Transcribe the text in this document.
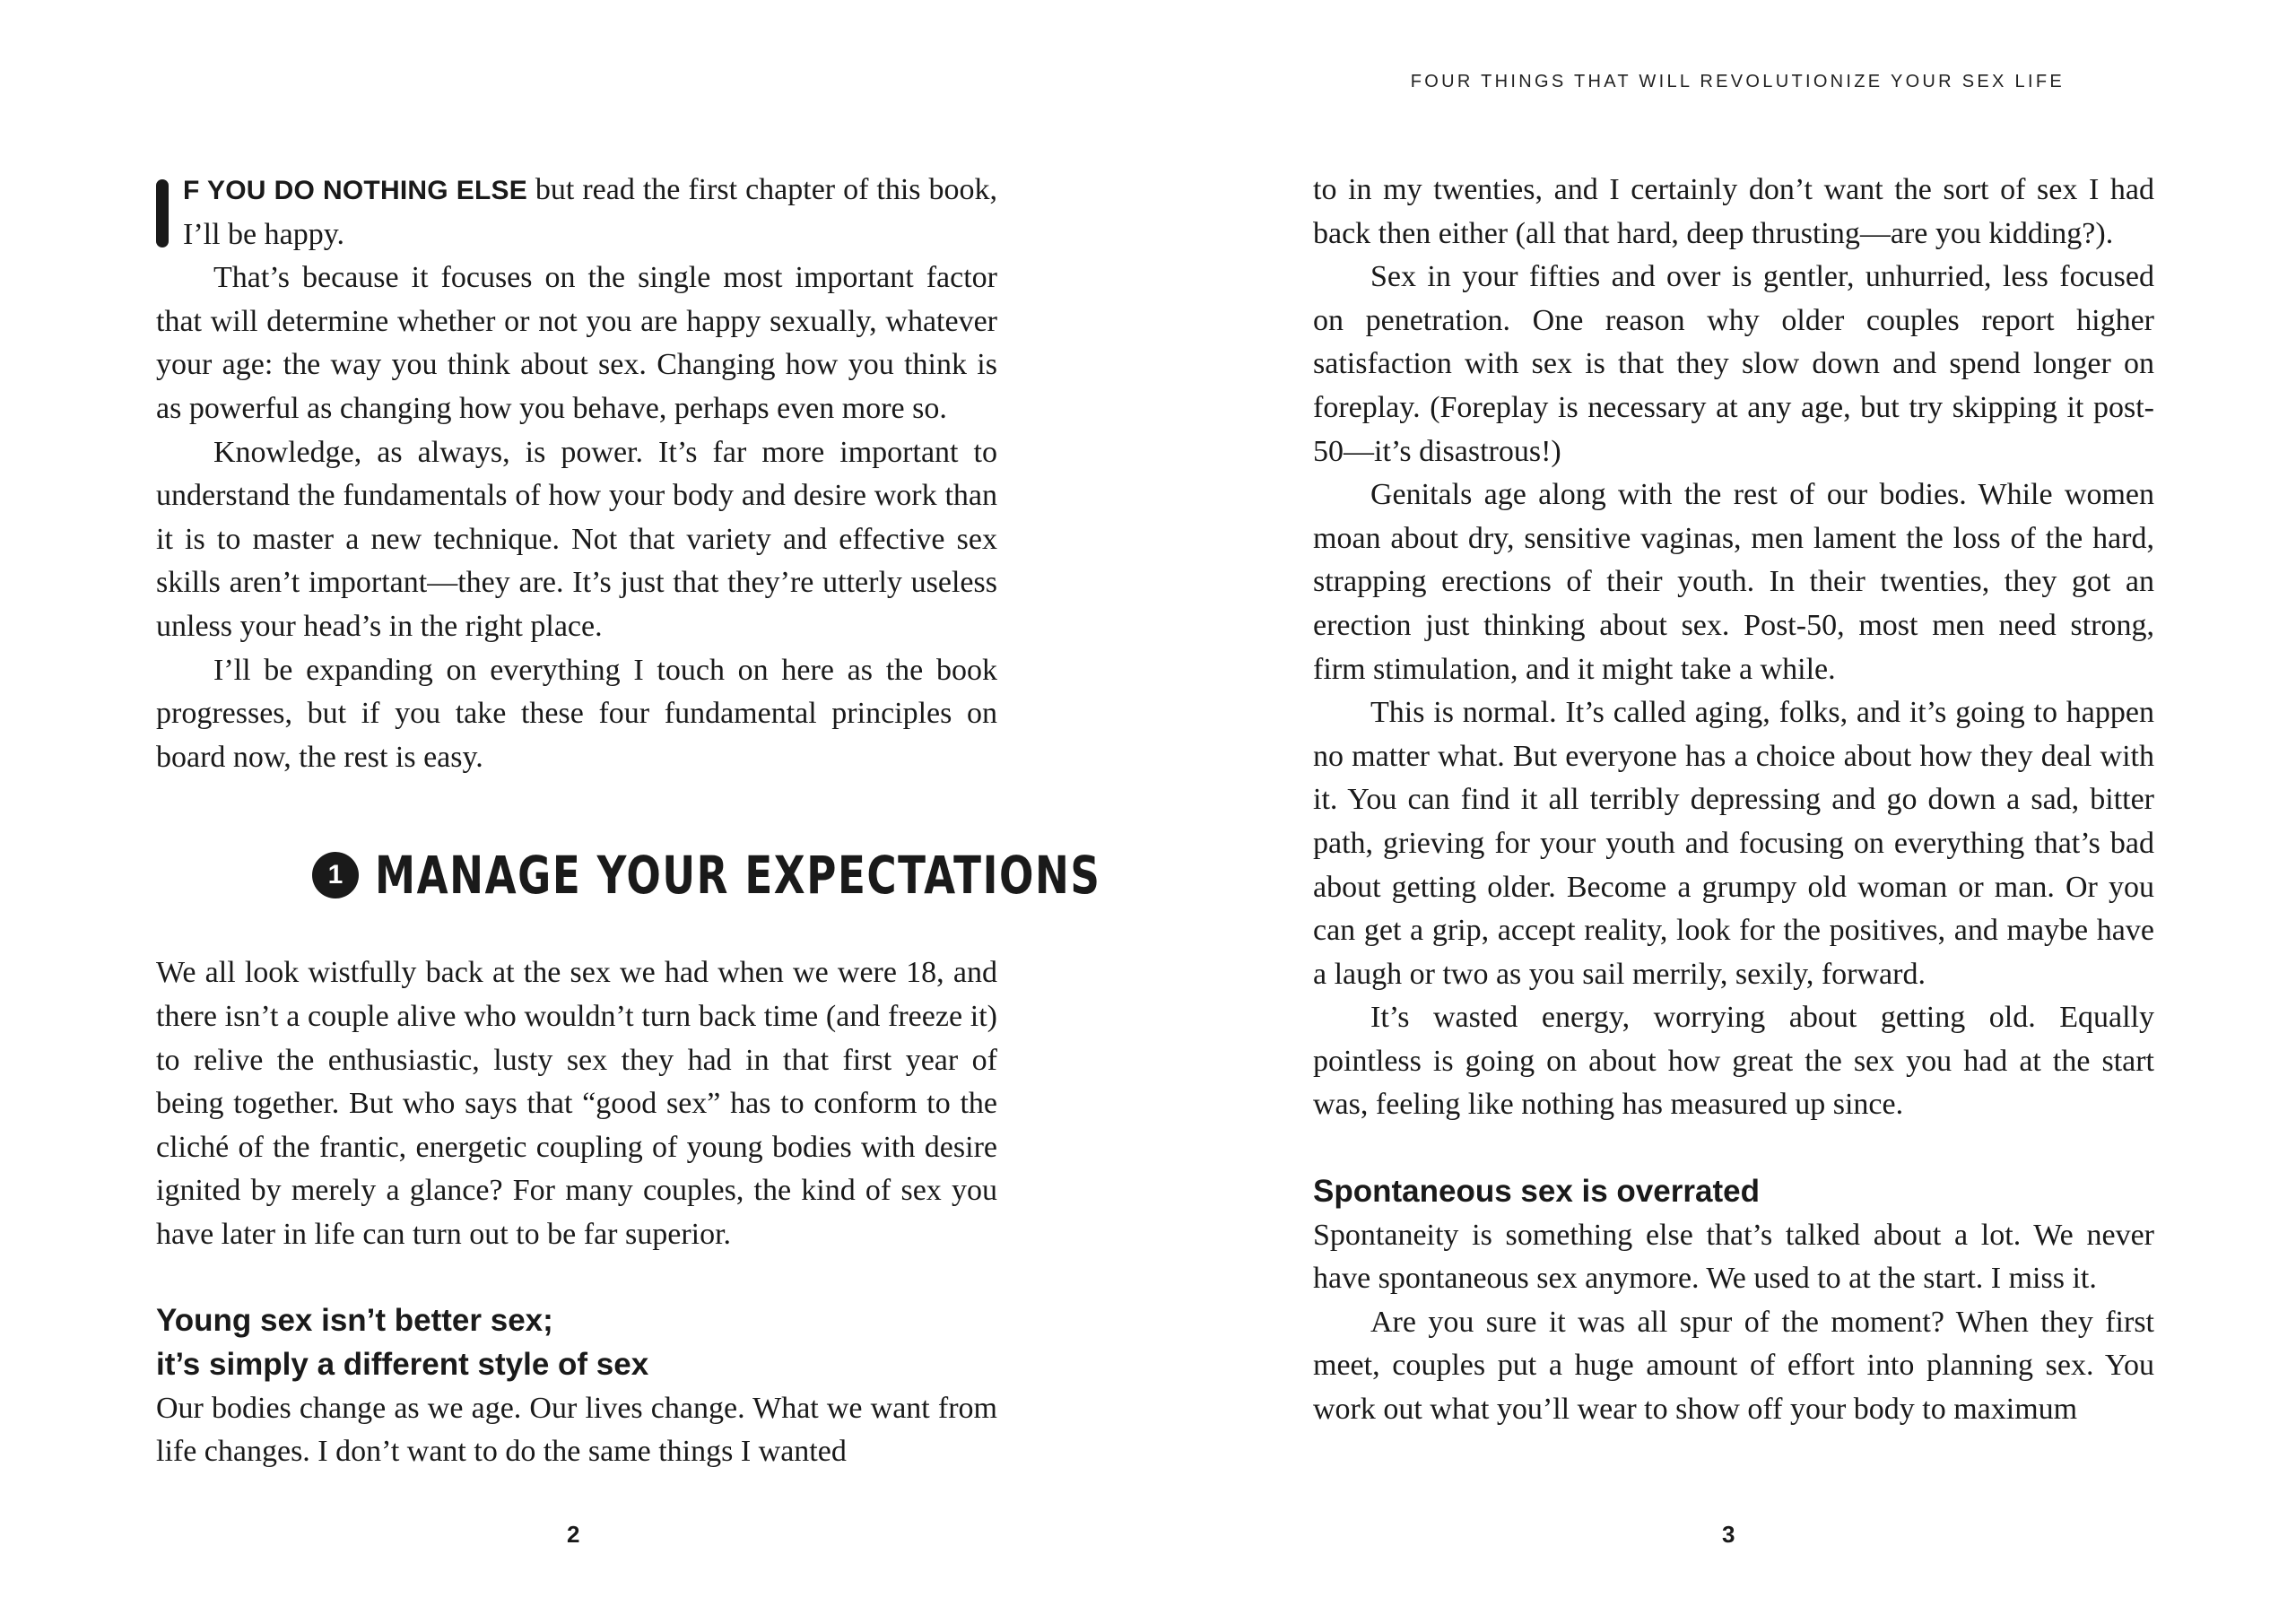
F YOU DO NOTHING ELSE but read the first chapter of this book, I’ll be happy.

That’s because it focuses on the single most important factor that will determine whether or not you are happy sexually, whatever your age: the way you think about sex. Changing how you think is as powerful as changing how you behave, perhaps even more so.

Knowledge, as always, is power. It’s far more important to understand the fundamentals of how your body and desire work than it is to master a new technique. Not that variety and effective sex skills aren’t important—they are. It’s just that they’re utterly useless unless your head’s in the right place.

I’ll be expanding on everything I touch on here as the book progresses, but if you take these four fundamental principles on board now, the rest is easy.

1 MANAGE YOUR EXPECTATIONS

We all look wistfully back at the sex we had when we were 18, and there isn’t a couple alive who wouldn’t turn back time (and freeze it) to relive the enthusiastic, lusty sex they had in that first year of being together. But who says that “good sex” has to conform to the cliché of the frantic, energetic coupling of young bodies with desire ignited by merely a glance? For many couples, the kind of sex you have later in life can turn out to be far superior.

Young sex isn’t better sex;

it’s simply a different style of sex

Our bodies change as we age. Our lives change. What we want from life changes. I don’t want to do the same things I wanted

2
FOUR THINGS THAT WILL REVOLUTIONIZE YOUR SEX LIFE

to in my twenties, and I certainly don’t want the sort of sex I had back then either (all that hard, deep thrusting—are you kidding?).

Sex in your fifties and over is gentler, unhurried, less focused on penetration. One reason why older couples report higher satisfaction with sex is that they slow down and spend longer on foreplay. (Foreplay is necessary at any age, but try skipping it post-50—it’s disastrous!)

Genitals age along with the rest of our bodies. While women moan about dry, sensitive vaginas, men lament the loss of the hard, strapping erections of their youth. In their twenties, they got an erection just thinking about sex. Post-50, most men need strong, firm stimulation, and it might take a while.

This is normal. It’s called aging, folks, and it’s going to happen no matter what. But everyone has a choice about how they deal with it. You can find it all terribly depressing and go down a sad, bitter path, grieving for your youth and focusing on everything that’s bad about getting older. Become a grumpy old woman or man. Or you can get a grip, accept reality, look for the positives, and maybe have a laugh or two as you sail merrily, sexily, forward.

It’s wasted energy, worrying about getting old. Equally pointless is going on about how great the sex you had at the start was, feeling like nothing has measured up since.

Spontaneous sex is overrated

Spontaneity is something else that’s talked about a lot. We never have spontaneous sex anymore. We used to at the start. I miss it.

Are you sure it was all spur of the moment? When they first meet, couples put a huge amount of effort into planning sex. You work out what you’ll wear to show off your body to maximum

3
